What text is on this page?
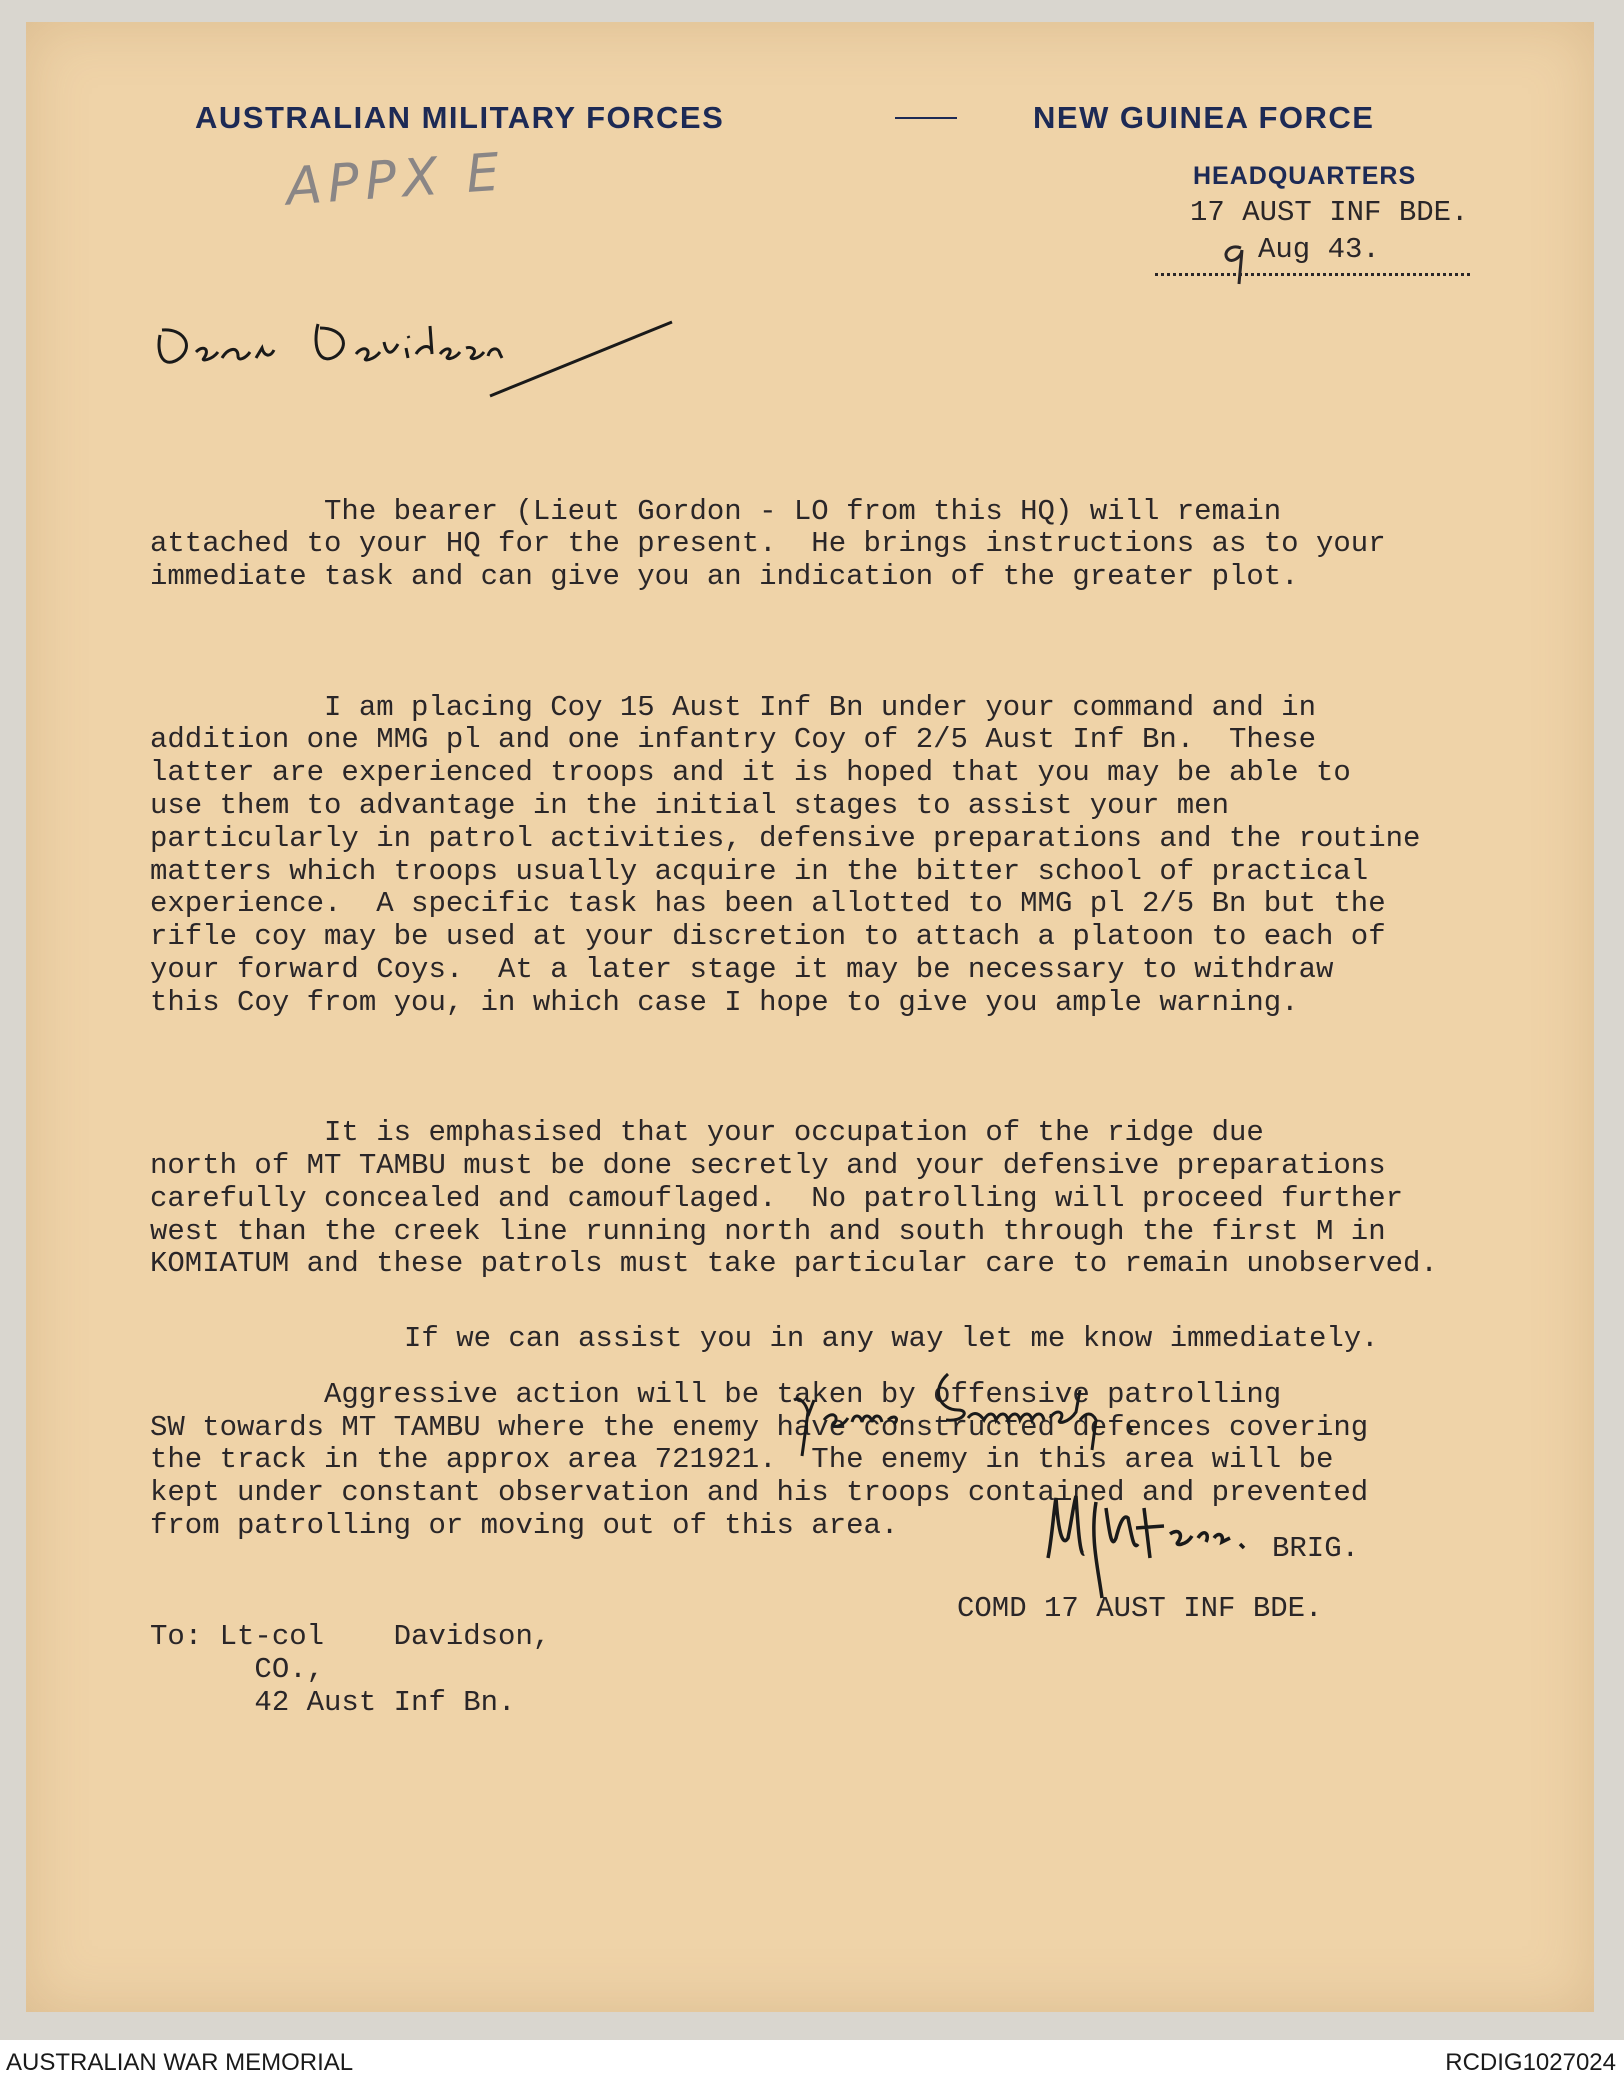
AUSTRALIAN MILITARY FORCES	NEW GUINEA FORCE
HEADQUARTERS
17 AUST INF BDE.
Aug 43.
APPX E

The bearer (Lieut Gordon - LO from this HQ) will remain
attached to your HQ for the present.  He brings instructions as to your
immediate task and can give you an indication of the greater plot.

I am placing Coy 15 Aust Inf Bn under your command and in
addition one MMG pl and one infantry Coy of 2/5 Aust Inf Bn.  These
latter are experienced troops and it is hoped that you may be able to
use them to advantage in the initial stages to assist your men
particularly in patrol activities, defensive preparations and the routine
matters which troops usually acquire in the bitter school of practical
experience.  A specific task has been allotted to MMG pl 2/5 Bn but the
rifle coy may be used at your discretion to attach a platoon to each of
your forward Coys.  At a later stage it may be necessary to withdraw
this Coy from you, in which case I hope to give you ample warning.

It is emphasised that your occupation of the ridge due
north of MT TAMBU must be done secretly and your defensive preparations
carefully concealed and camouflaged.  No patrolling will proceed further
west than the creek line running north and south through the first M in
KOMIATUM and these patrols must take particular care to remain unobserved.

Aggressive action will be taken by offensive patrolling
SW towards MT TAMBU where the enemy have constructed defences covering
the track in the approx area 721921.  The enemy in this area will be
kept under constant observation and his troops contained and prevented
from patrolling or moving out of this area.

If we can assist you in any way let me know immediately.
BRIG.
COMD 17 AUST INF BDE.
To: Lt-col    Davidson,
CO.,
42 Aust Inf Bn.
AUSTRALIAN WAR MEMORIAL	RCDIG1027024
